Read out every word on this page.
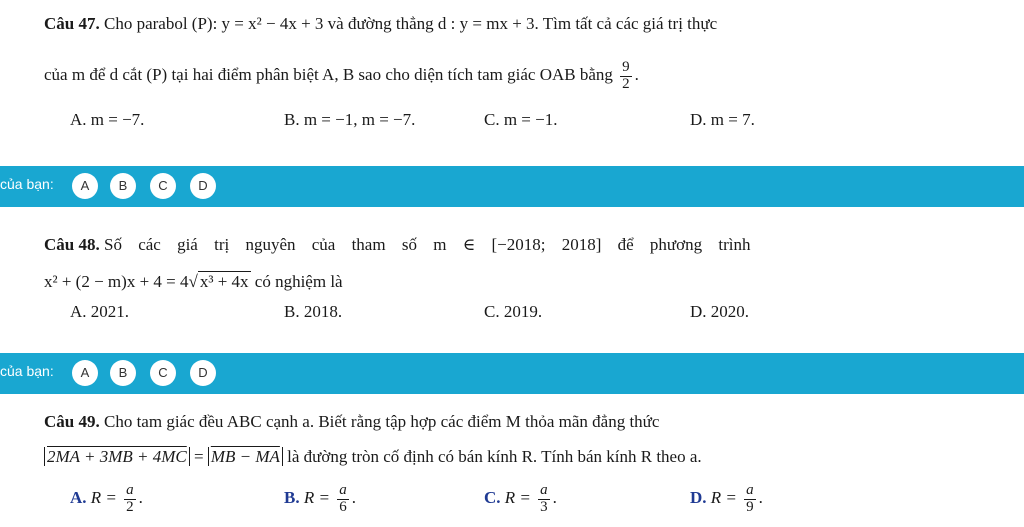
Câu 47. Cho parabol (P): y = x² − 4x + 3 và đường thẳng d : y = mx + 3. Tìm tất cả các giá trị thực
của m để d cắt (P) tại hai điểm phân biệt A, B sao cho diện tích tam giác OAB bằng $\frac{9}{2}$ .
A. m = −7.	B. m = −1, m = −7.	C. m = −1.	D. m = 7.
của bạn:	A	B	C	D
Câu 48. Số các giá trị nguyên của tham số m ∈ [−2018; 2018] để phương trình
x² + (2 − m)x + 4 = 4√ x³ + 4x có nghiệm là
A. 2021.	B. 2018.	C. 2019.	D. 2020.
của bạn:	A	B	C	D
Câu 49. Cho tam giác đều ABC cạnh a. Biết rằng tập hợp các điểm M thỏa mãn đẳng thức
2MA + 3MB + 4MC = MB − MA là đường tròn cố định có bán kính R. Tính bán kính R theo a.
A. $R = \frac{a}{2}$ .	B. $R = \frac{a}{6}$ .	C. $R = \frac{a}{3}$ .	D. $R = \frac{a}{9}$ .
